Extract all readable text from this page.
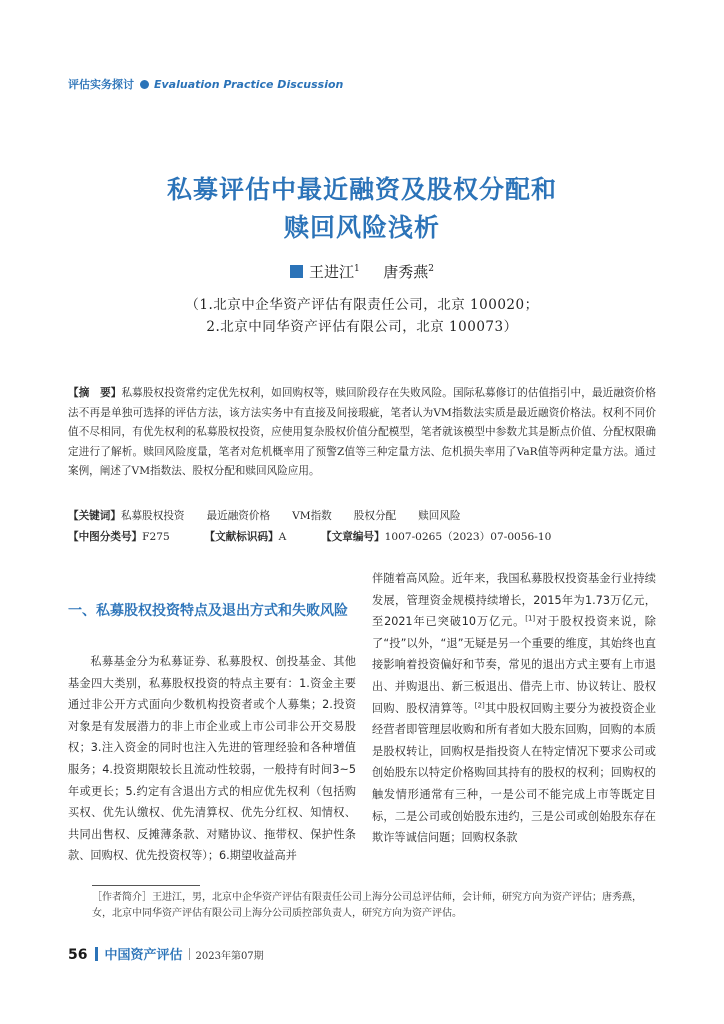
评估实务探讨 Evaluation Practice Discussion
私募评估中最近融资及股权分配和
赎回风险浅析
王进江$^1$ 唐秀燕$^2$
（1.北京中企华资产评估有限责任公司，北京 100020；
2.北京中同华资产评估有限公司，北京 100073）
【摘　要】私募股权投资常约定优先权利，如回购权等，赎回阶段存在失败风险。国际私募修订的估值指引中，最近融资价格法不再是单独可选择的评估方法，该方法实务中有直接及间接瑕疵，笔者认为VM指数法实质是最近融资价格法。权利不同价值不尽相同，有优先权利的私募股权投资，应使用复杂股权价值分配模型，笔者就该模型中参数尤其是断点价值、分配权限确定进行了解析。赎回风险度量，笔者对危机概率用了预警Z值等三种定量方法、危机损失率用了VaR值等两种定量方法。通过案例，阐述了VM指数法、股权分配和赎回风险应用。
【关键词】私募股权投资 最近融资价格 VM指数 股权分配 赎回风险
【中图分类号】F275	【文献标识码】A	【文章编号】1007-0265（2023）07-0056-10
一、私募股权投资特点及退出方式和失败风险

私募基金分为私募证券、私募股权、创投基金、其他基金四大类别，私募股权投资的特点主要有：1.资金主要通过非公开方式面向少数机构投资者或个人募集；2.投资对象是有发展潜力的非上市企业或上市公司非公开交易股权；3.注入资金的同时也注入先进的管理经验和各种增值服务；4.投资期限较长且流动性较弱，一般持有时间3~5年或更长；5.约定有含退出方式的相应优先权利（包括购买权、优先认缴权、优先清算权、优先分红权、知情权、共同出售权、反摊薄条款、对赌协议、拖带权、保护性条款、回购权、优先投资权等）；6.期望收益高并

伴随着高风险。近年来，我国私募股权投资基金行业持续发展，管理资金规模持续增长，2015年为1.73万亿元，至2021年已突破10万亿元。[1]对于股权投资来说，除了“投”以外，“退”无疑是另一个重要的维度，其始终也直接影响着投资偏好和节奏，常见的退出方式主要有上市退出、并购退出、新三板退出、借壳上市、协议转让、股权回购、股权清算等。[2]其中股权回购主要分为被投资企业经营者即管理层收购和所有者如大股东回购，回购的本质是股权转让，回购权是指投资人在特定情况下要求公司或创始股东以特定价格购回其持有的股权的权利；回购权的触发情形通常有三种，一是公司不能完成上市等既定目标，二是公司或创始股东违约，三是公司或创始股东存在欺诈等诚信问题；回购权条款

［作者简介］王进江，男，北京中企华资产评估有限责任公司上海分公司总评估师，会计师，研究方向为资产评估；唐秀燕，女，北京中同华资产评估有限公司上海分公司质控部负责人，研究方向为资产评估。
56 中国资产评估 2023年第07期
